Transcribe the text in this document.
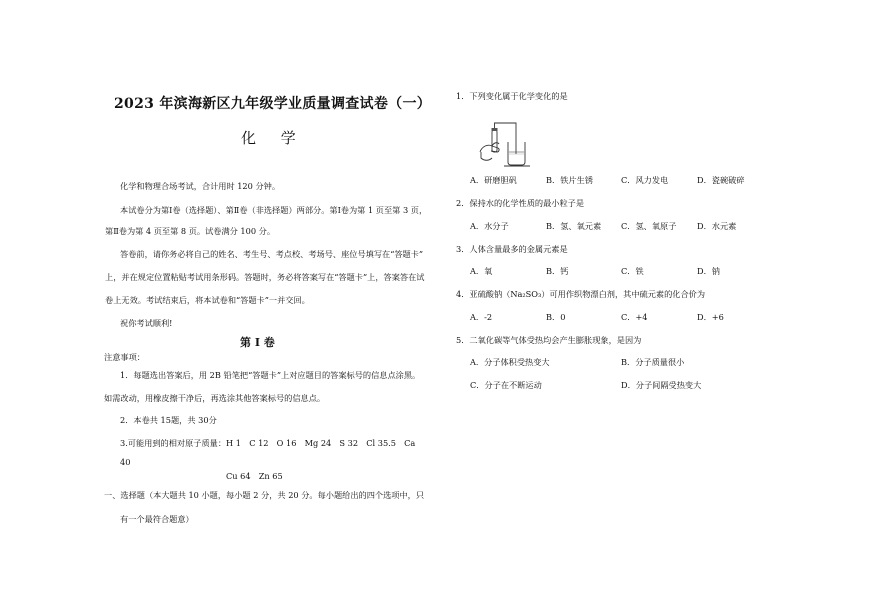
2023 年滨海新区九年级学业质量调查试卷（一）
化 学
化学和物理合场考试，合计用时 120 分钟。
本试卷分为第Ⅰ卷（选择题）、第Ⅱ卷（非选择题）两部分。第Ⅰ卷为第 1 页至第 3 页，
第Ⅱ卷为第 4 页至第 8 页。试卷满分 100 分。
答卷前，请你务必将自己的姓名、考生号、考点校、考场号、座位号填写在“答题卡”
上，并在规定位置粘贴考试用条形码。答题时，务必将答案写在“答题卡”上，答案答在试
卷上无效。考试结束后，将本试卷和“答题卡”一并交回。
祝你考试顺利!
第 Ⅰ 卷
注意事项：
1．每题选出答案后，用 2B 铅笔把“答题卡”上对应题目的答案标号的信息点涂黑。
如需改动，用橡皮擦干净后，再选涂其他答案标号的信息点。
2．本卷共 15题，共 30分
3.可能用到的相对原子质量：H 1　C 12　O 16　Mg 24　S 32　Cl 35.5　Ca
40
Cu 64　Zn 65
一、选择题（本大题共 10 小题，每小题 2 分，共 20 分。每小题给出的四个选项中，只
有一个最符合题意）
1．下列变化属于化学变化的是
A．研磨胆矾	B．铁片生锈	C．风力发电	D．瓷碗破碎
2．保持水的化学性质的最小粒子是
A．水分子	B．氢、氧元素 C．氢、氧原子	D．水元素
3．人体含量最多的金属元素是
A．氧	B．钙	C．铁	D．钠
4．亚硫酸钠（Na₂SO₃）可用作织物漂白剂，其中硫元素的化合价为
A．-2	B．0	C．+4	D．+6
5．二氧化碳等气体受热均会产生膨胀现象，是因为
A．分子体积受热变大	B．分子质量很小
C．分子在不断运动	D．分子间隔受热变大
